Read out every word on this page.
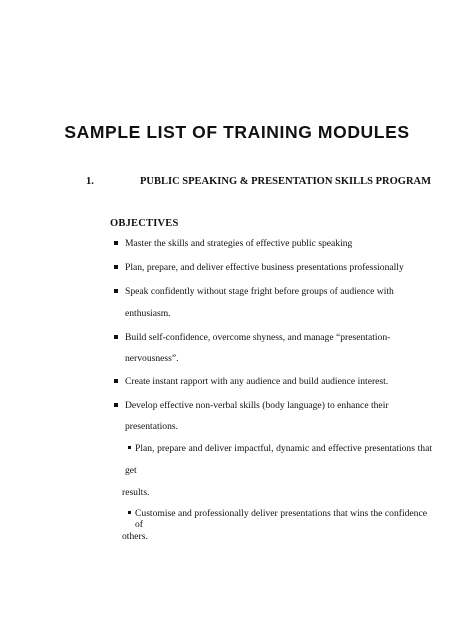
SAMPLE LIST OF TRAINING MODULES
1.	PUBLIC SPEAKING & PRESENTATION SKILLS PROGRAM
OBJECTIVES
Master the skills and strategies of effective public speaking
Plan, prepare, and deliver effective business presentations professionally
Speak confidently without stage fright before groups of audience with
enthusiasm.
Build self-confidence, overcome shyness, and manage “presentation-
nervousness”.
Create instant rapport with any audience and build audience interest.
Develop effective non-verbal skills (body language) to enhance their
presentations.
Plan, prepare and deliver impactful, dynamic and effective presentations that
get
results.
Customise and professionally deliver presentations that wins the confidence of
others.
